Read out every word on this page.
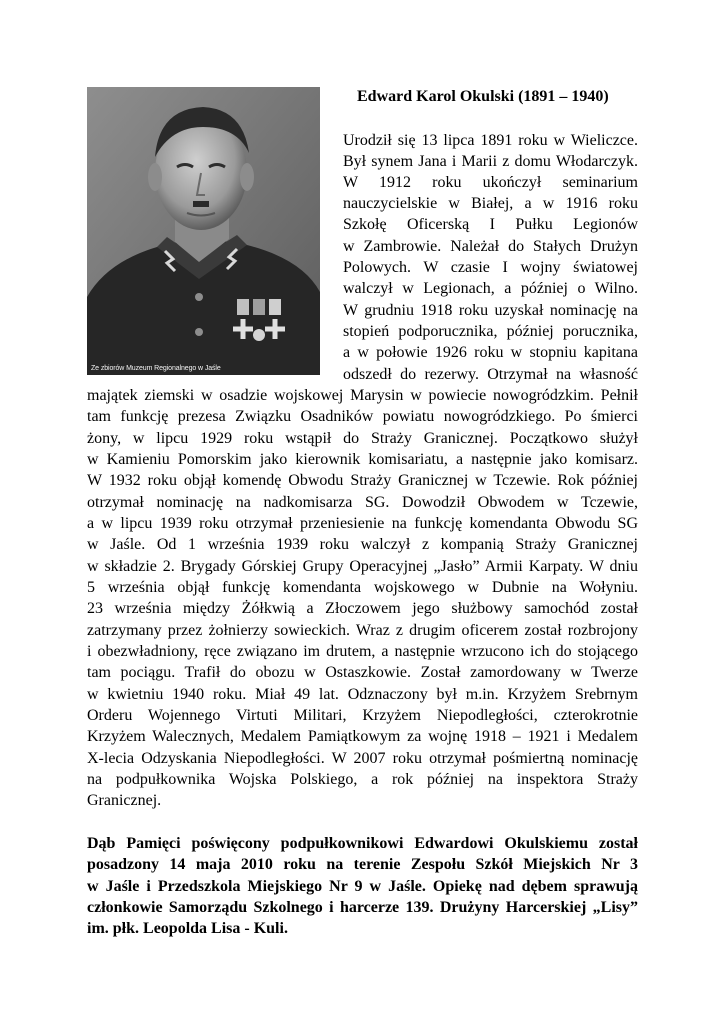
Ze zbiorów Muzeum Regionalnego w Jaśle
Edward Karol Okulski (1891 – 1940)
Urodził się 13 lipca 1891 roku w Wieliczce.
Był synem Jana i Marii z domu Włodarczyk.
W 1912 roku ukończył seminarium
nauczycielskie w Białej, a w 1916 roku
Szkołę Oficerską I Pułku Legionów
w Zambrowie. Należał do Stałych Drużyn
Polowych. W czasie I wojny światowej
walczył w Legionach, a później o Wilno.
W grudniu 1918 roku uzyskał nominację na
stopień podporucznika, później porucznika,
a w połowie 1926 roku w stopniu kapitana
odszedł do rezerwy. Otrzymał na własność
majątek ziemski w osadzie wojskowej Marysin w powiecie nowogródzkim. Pełnił
tam funkcję prezesa Związku Osadników powiatu nowogródzkiego. Po śmierci
żony, w lipcu 1929 roku wstąpił do Straży Granicznej. Początkowo służył
w Kamieniu Pomorskim jako kierownik komisariatu, a następnie jako komisarz.
W 1932 roku objął komendę Obwodu Straży Granicznej w Tczewie. Rok później
otrzymał nominację na nadkomisarza SG. Dowodził Obwodem w Tczewie,
a w lipcu 1939 roku otrzymał przeniesienie na funkcję komendanta Obwodu SG
w Jaśle. Od 1 września 1939 roku walczył z kompanią Straży Granicznej
w składzie 2. Brygady Górskiej Grupy Operacyjnej „Jasło” Armii Karpaty. W dniu
5 września objął funkcję komendanta wojskowego w Dubnie na Wołyniu.
23 września między Żółkwią a Złoczowem jego służbowy samochód został
zatrzymany przez żołnierzy sowieckich. Wraz z drugim oficerem został rozbrojony
i obezwładniony, ręce związano im drutem, a następnie wrzucono ich do stojącego
tam pociągu. Trafił do obozu w Ostaszkowie. Został zamordowany w Twerze
w kwietniu 1940 roku. Miał 49 lat. Odznaczony był m.in. Krzyżem Srebrnym
Orderu Wojennego Virtuti Militari, Krzyżem Niepodległości, czterokrotnie
Krzyżem Walecznych, Medalem Pamiątkowym za wojnę 1918 – 1921 i Medalem
X-lecia Odzyskania Niepodległości. W 2007 roku otrzymał pośmiertną nominację
na podpułkownika Wojska Polskiego, a rok później na inspektora Straży
Granicznej.
Dąb Pamięci poświęcony podpułkownikowi Edwardowi Okulskiemu został
posadzony 14 maja 2010 roku na terenie Zespołu Szkół Miejskich Nr 3
w Jaśle i Przedszkola Miejskiego Nr 9 w Jaśle. Opiekę nad dębem sprawują
członkowie Samorządu Szkolnego i harcerze 139. Drużyny Harcerskiej „Lisy”
im. płk. Leopolda Lisa - Kuli.
